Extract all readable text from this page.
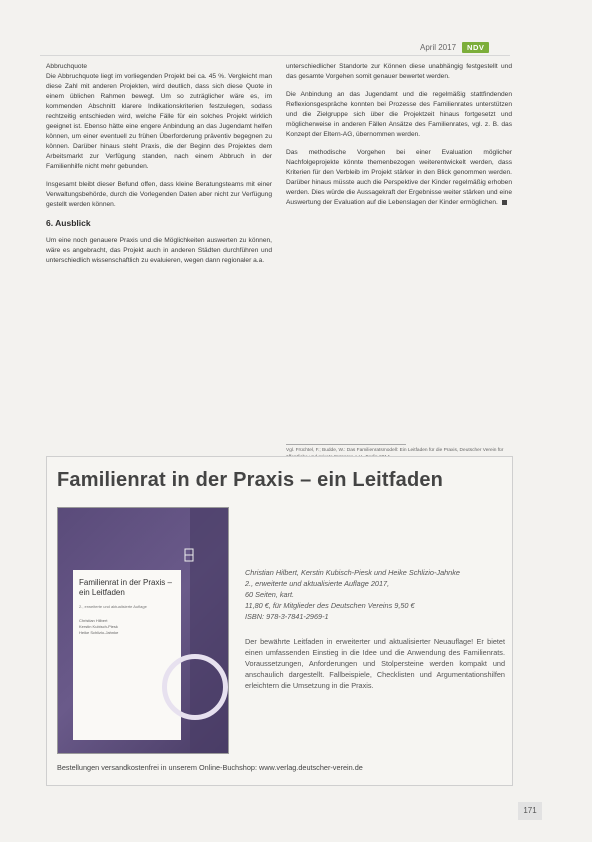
April 2017	NDV

Abbruchquote
Die Abbruchquote liegt im vorliegenden Projekt bei ca. 45 %. Vergleicht man diese Zahl mit anderen Projekten, wird deutlich, dass sich diese Quote in einem üblichen Rahmen bewegt. Um so zuträglicher wäre es, im kommenden Abschnitt klarere Indikationskriterien festzulegen, sodass rechtzeitig entschieden wird, welche Fälle für ein solches Projekt wirklich geeignet ist. Ebenso hätte eine engere Anbindung an das Jugendamt helfen können, um einer eventuell zu frühen Überforderung präventiv begegnen zu können. Darüber hinaus steht Praxis, die der Beginn des Projektes dem Arbeitsmarkt zur Verfügung standen, nach einem Abbruch in der Familienhilfe nicht mehr gebunden.

Insgesamt bleibt dieser Befund offen, dass kleine Beratungsteams mit einer Verwaltungsbehörde, durch die Vorlegenden Daten aber nicht zur Verfügung gestellt werden können.

6. Ausblick

Um eine noch genauere Praxis und die Möglichkeiten auswerten zu können, wäre es angebracht, das Projekt auch in anderen Städten durchführen und unterschiedlich wissenschaftlich zu evaluieren, wegen dann regionaler a.a.

unterschiedlicher Standorte zur Können diese unabhängig festgestellt und das gesamte Vorgehen somit genauer bewertet werden.

Die Anbindung an das Jugendamt und die regelmäßig stattfindenden Reflexionsgespräche konnten bei Prozesse des Familienrates unterstützen und die Zielgruppe sich über die Projektzeit hinaus fortgesetzt und möglicherweise in anderen Fällen Ansätze des Familienrates, vgl. z. B. das Konzept der Eltern-AG, übernommen werden.

Das methodische Vorgehen bei einer Evaluation möglicher Nachfolgeprojekte könnte themenbezogen weiterentwickelt werden, dass Kriterien für den Verbleib im Projekt stärker in den Blick genommen werden. Darüber hinaus müsste auch die Perspektive der Kinder regelmäßig erhoben werden. Dies würde die Aussagekraft der Ergebnisse weiter stärken und eine Auswertung der Evaluation auf die Lebenslagen der Kinder ermöglichen.

Vgl. Früchtel, F.; Budde, W.: Das Familienratsmodell: Ein Leitfaden für die Praxis, Deutscher Verein für
Familienrat in der Praxis – ein Leitfaden
Familienrat in der Praxis – ein Leitfaden
2., erweiterte und aktualisierte Auflage
Christian Hilbert
Kerstin Kubisch-Piesk
Heike Schlizio-Jahnke
Christian Hilbert, Kerstin Kubisch-Piesk und Heike Schlizio-Jahnke
2., erweiterte und aktualisierte Auflage 2017,
60 Seiten, kart.
11,80 €, für Mitglieder des Deutschen Vereins 9,50 €
ISBN: 978-3-7841-2969-1
Der bewährte Leitfaden in erweiterter und aktualisierter Neuauflage! Er bietet einen umfassenden Einstieg in die Idee und die Anwendung des Familienrats. Voraussetzungen, Anforderungen und Stolpersteine werden kompakt und anschaulich dargestellt. Fallbeispiele, Checklisten und Argumentationshilfen erleichtern die Umsetzung in die Praxis.
Bestellungen versandkostenfrei in unserem Online-Buchshop: www.verlag.deutscher-verein.de
171
